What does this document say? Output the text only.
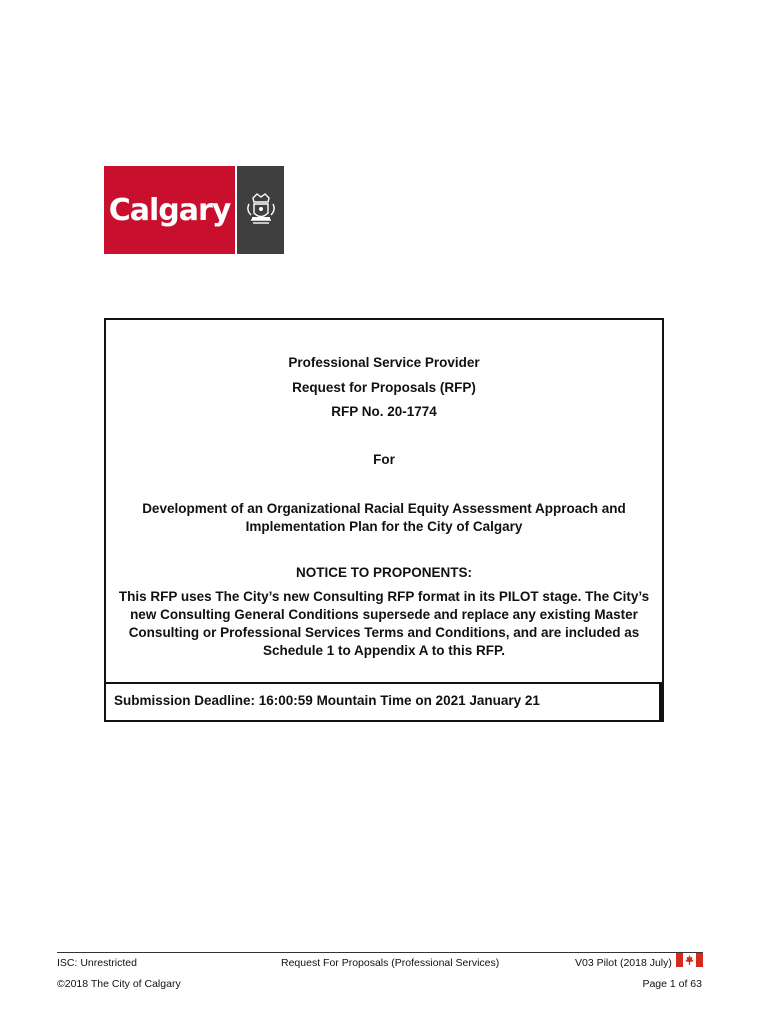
Calgary
Professional Service Provider
Request for Proposals (RFP)
RFP No. 20-1774
For
Development of an Organizational Racial Equity Assessment Approach and Implementation Plan for the City of Calgary
NOTICE TO PROPONENTS:
This RFP uses The City’s new Consulting RFP format in its PILOT stage. The City’s new Consulting General Conditions supersede and replace any existing Master Consulting or Professional Services Terms and Conditions, and are included as Schedule 1 to Appendix A to this RFP.
Submission Deadline: 16:00:59 Mountain Time on 2021 January 21
ISC: Unrestricted	Request For Proposals (Professional Services)	V03 Pilot (2018 July)
©2018 The City of Calgary	Page 1 of 63
